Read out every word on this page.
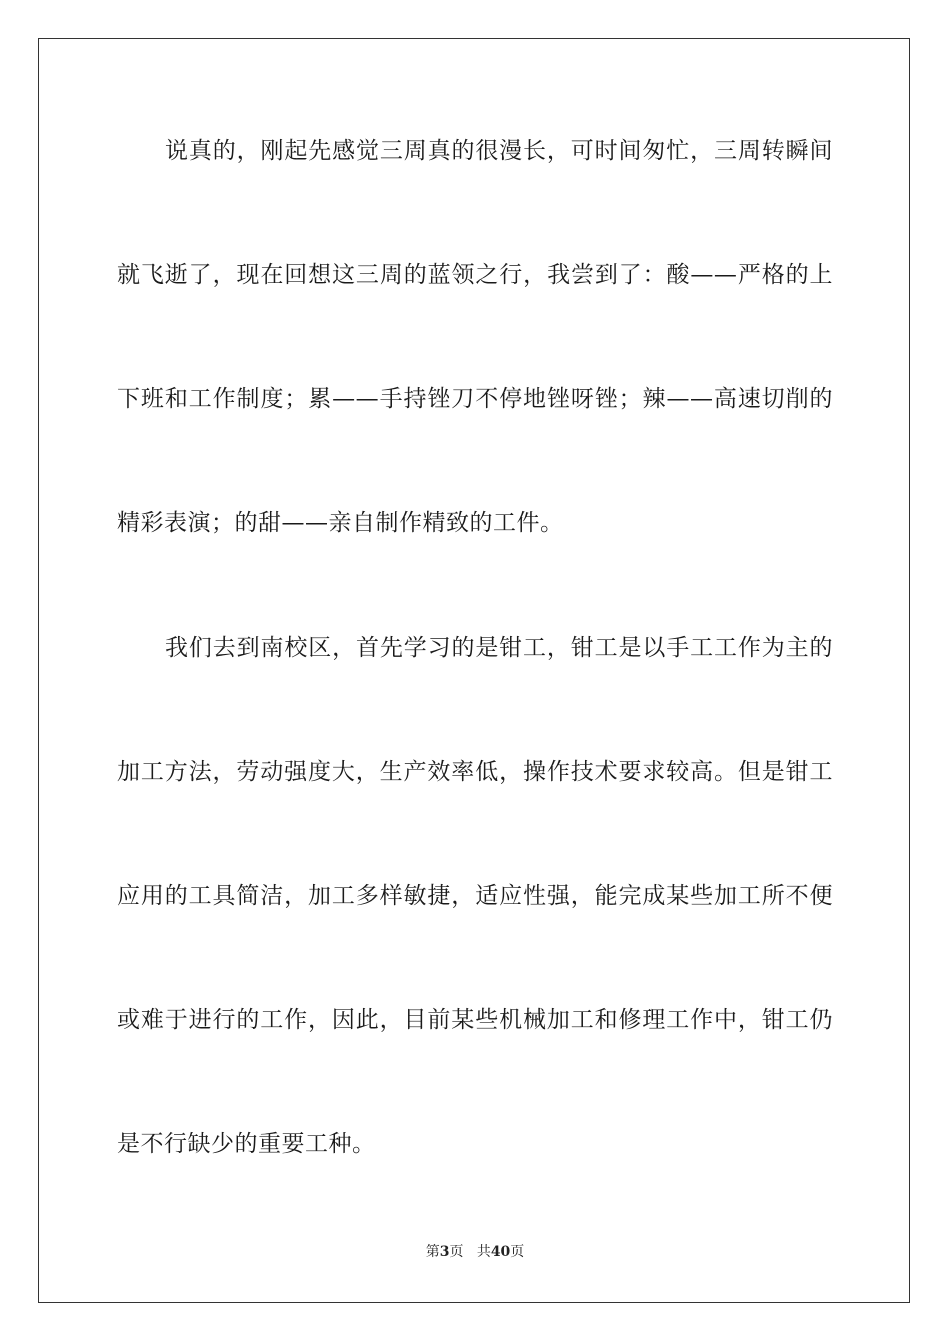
说真的，刚起先感觉三周真的很漫长，可时间匆忙，三周转瞬间
就飞逝了，现在回想这三周的蓝领之行，我尝到了：酸——严格的上
下班和工作制度；累——手持锉刀不停地锉呀锉；辣——高速切削的
精彩表演；的甜——亲自制作精致的工件。
我们去到南校区，首先学习的是钳工，钳工是以手工工作为主的
加工方法，劳动强度大，生产效率低，操作技术要求较高。但是钳工
应用的工具简洁，加工多样敏捷，适应性强，能完成某些加工所不便
或难于进行的工作，因此，目前某些机械加工和修理工作中，钳工仍
是不行缺少的重要工种。
第3页 共40页
